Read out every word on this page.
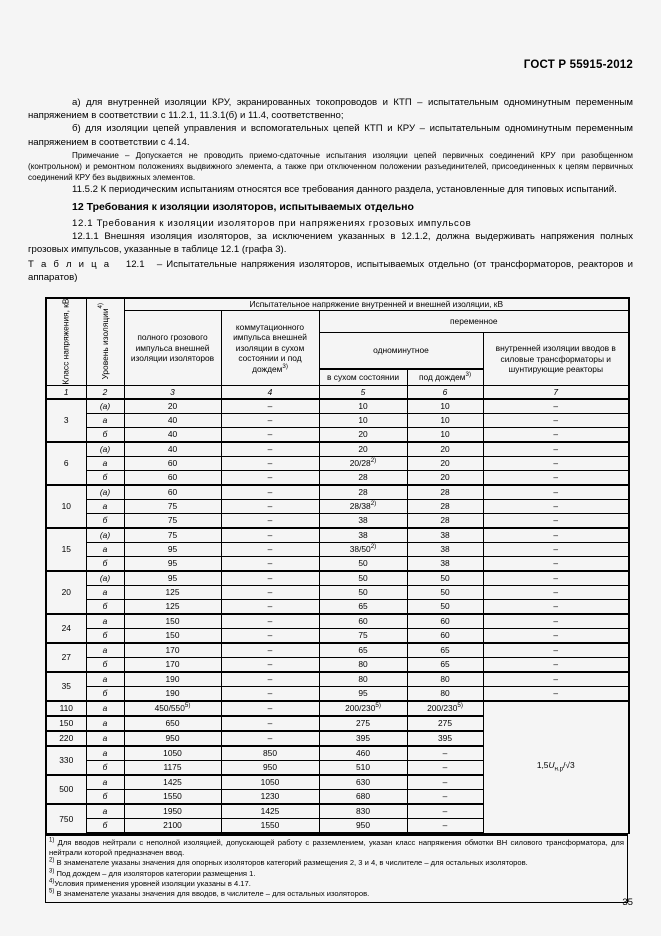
ГОСТ Р 55915-2012

а) для внутренней изоляции КРУ, экранированных токопроводов и КТП – испытательным одноминутным переменным напряжением в соответствии с 11.2.1, 11.3.1(б) и 11.4, соответственно;

б) для изоляции цепей управления и вспомогательных цепей КТП и КРУ – испытательным одноминутным переменным напряжением в соответствии с 4.14.

Примечание – Допускается не проводить приемо-сдаточные испытания изоляции цепей первичных соединений КРУ при разобщенном (контрольном) и ремонтном положениях выдвижного элемента, а также при отключенном положении разъединителей, присоединенных к цепям первичных соединений КРУ без выдвижных элементов.

11.5.2 К периодическим испытаниям относятся все требования данного раздела, установленные для типовых испытаний.

12 Требования к изоляции изоляторов, испытываемых отдельно

12.1 Требования к изоляции изоляторов при напряжениях грозовых импульсов

12.1.1 Внешняя изоляция изоляторов, за исключением указанных в 12.1.2, должна выдерживать напряжения полных грозовых импульсов, указанные в таблице 12.1 (графа 3).

Т а б л и ц а 12.1 – Испытательные напряжения изоляторов, испытываемых отдельно (от трансформаторов, реакторов и аппаратов)

Класс напряжения, кВ	Уровень изоляции$^{4)}$	Испытательное напряжение внутренней и внешней изоляции, кВ				
		полного грозового импульса внешней изоляции изоляторов	коммутационного импульса внешней изоляции в сухом состоянии и под дождем$^{3)}$	переменное		
				одноминутное		внутренней изоляции вводов в силовые трансформаторы и шунтирующие реакторы
				в сухом состоянии	под дождем$^{3)}$
1	2	3	4	5	6	7
3	(а)	20	–	10	10	–
	а	40	–	10	10	–
	б	40	–	20	10	–
6	(а)	40	–	20	20	–
	а	60	–	20/28$^{2)}$	20	–
	б	60	–	28	20	–
10	(а)	60	–	28	28	–
	а	75	–	28/38$^{2)}$	28	–
	б	75	–	38	28	–
15	(а)	75	–	38	38	–
	а	95	–	38/50$^{2)}$	38	–
	б	95	–	50	38	–
20	(а)	95	–	50	50	–
	а	125	–	50	50	–
	б	125	–	65	50	–
24	а	150	–	60	60	–
	б	150	–	75	60	–
27	а	170	–	65	65	–
	б	170	–	80	65	–
35	а	190	–	80	80	–
	б	190	–	95	80	–
110	а	450/550$^{5)}$	–	200/230$^{5)}$	200/230$^{5)}$	$1,5U_{н.р}/√3$
150	а	650	–	275	275	
220	а	950	–	395	395	
330	а	1050	850	460	–	
	б	1175	950	510	–	
500	а	1425	1050	630	–	
	б	1550	1230	680	–	
750	а	1950	1425	830	–	
	б	2100	1550	950	–	

$^{1)}$ Для вводов нейтрали с неполной изоляцией, допускающей работу с разземлением, указан класс напряжения обмотки ВН силового трансформатора, для нейтрали которой предназначен ввод.

$^{2)}$ В знаменателе указаны значения для опорных изоляторов категорий размещения 2, 3 и 4, в числителе – для остальных изоляторов.

$^{3)}$ Под дождем – для изоляторов категории размещения 1.

$^{4)}$Условия применения уровней изоляции указаны в 4.17.

$^{5)}$ В знаменателе указаны значения для вводов, в числителе – для остальных изоляторов.

35
